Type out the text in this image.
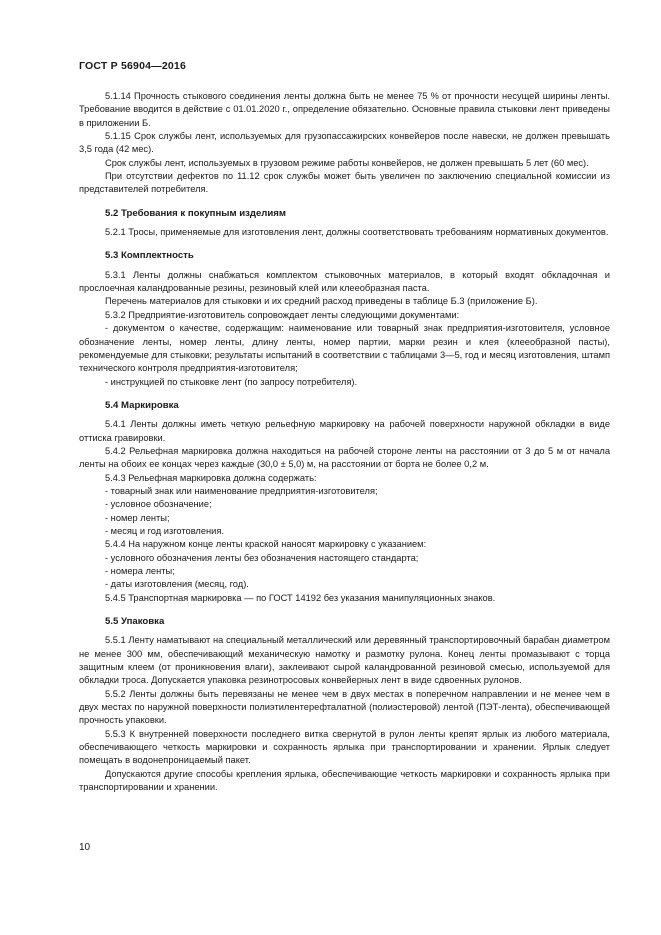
ГОСТ Р 56904—2016

5.1.14 Прочность стыкового соединения ленты должна быть не менее 75 % от прочности несущей ширины ленты. Требование вводится в действие с 01.01.2020 г., определение обязательно. Основные правила стыковки лент приведены в приложении Б.

5.1.15 Срок службы лент, используемых для грузопассажирских конвейеров после навески, не должен превышать 3,5 года (42 мес).

Срок службы лент, используемых в грузовом режиме работы конвейеров, не должен превышать 5 лет (60 мес).

При отсутствии дефектов по 11.12 срок службы может быть увеличен по заключению специальной комиссии из представителей потребителя.

5.2 Требования к покупным изделиям

5.2.1 Тросы, применяемые для изготовления лент, должны соответствовать требованиям нормативных документов.

5.3 Комплектность

5.3.1 Ленты должны снабжаться комплектом стыковочных материалов, в который входят обкладочная и прослоечная каландрованные резины, резиновый клей или клееобразная паста.

Перечень материалов для стыковки и их средний расход приведены в таблице Б.3 (приложение Б).

5.3.2 Предприятие-изготовитель сопровождает ленты следующими документами:

- документом о качестве, содержащим: наименование или товарный знак предприятия-изготовителя, условное обозначение ленты, номер ленты, длину ленты, номер партии, марки резин и клея (клееобразной пасты), рекомендуемые для стыковки; результаты испытаний в соответствии с таблицами 3—5, год и месяц изготовления, штамп технического контроля предприятия-изготовителя;

- инструкцией по стыковке лент (по запросу потребителя).

5.4 Маркировка

5.4.1 Ленты должны иметь четкую рельефную маркировку на рабочей поверхности наружной обкладки в виде оттиска гравировки.

5.4.2 Рельефная маркировка должна находиться на рабочей стороне ленты на расстоянии от 3 до 5 м от начала ленты на обоих ее концах через каждые (30,0 ± 5,0) м, на расстоянии от борта не более 0,2 м.

5.4.3 Рельефная маркировка должна содержать:

- товарный знак или наименование предприятия-изготовителя;

- условное обозначение;

- номер ленты;

- месяц и год изготовления.

5.4.4 На наружном конце ленты краской наносят маркировку с указанием:

- условного обозначения ленты без обозначения настоящего стандарта;

- номера ленты;

- даты изготовления (месяц, год).

5.4.5 Транспортная маркировка — по ГОСТ 14192 без указания манипуляционных знаков.

5.5 Упаковка

5.5.1 Ленту наматывают на специальный металлический или деревянный транспортировочный барабан диаметром не менее 300 мм, обеспечивающий механическую намотку и размотку рулона. Конец ленты промазывают с торца защитным клеем (от проникновения влаги), заклеивают сырой каландрованной резиновой смесью, используемой для обкладки троса. Допускается упаковка резинотросовых конвейерных лент в виде сдвоенных рулонов.

5.5.2 Ленты должны быть перевязаны не менее чем в двух местах в поперечном направлении и не менее чем в двух местах по наружной поверхности полиэтилентерефталатной (полиэстеровой) лентой (ПЭТ-лента), обеспечивающей прочность упаковки.

5.5.3 К внутренней поверхности последнего витка свернутой в рулон ленты крепят ярлык из любого материала, обеспечивающего четкость маркировки и сохранность ярлыка при транспортировании и хранении. Ярлык следует помещать в водонепроницаемый пакет.

Допускаются другие способы крепления ярлыка, обеспечивающие четкость маркировки и сохранность ярлыка при транспортировании и хранении.

10
